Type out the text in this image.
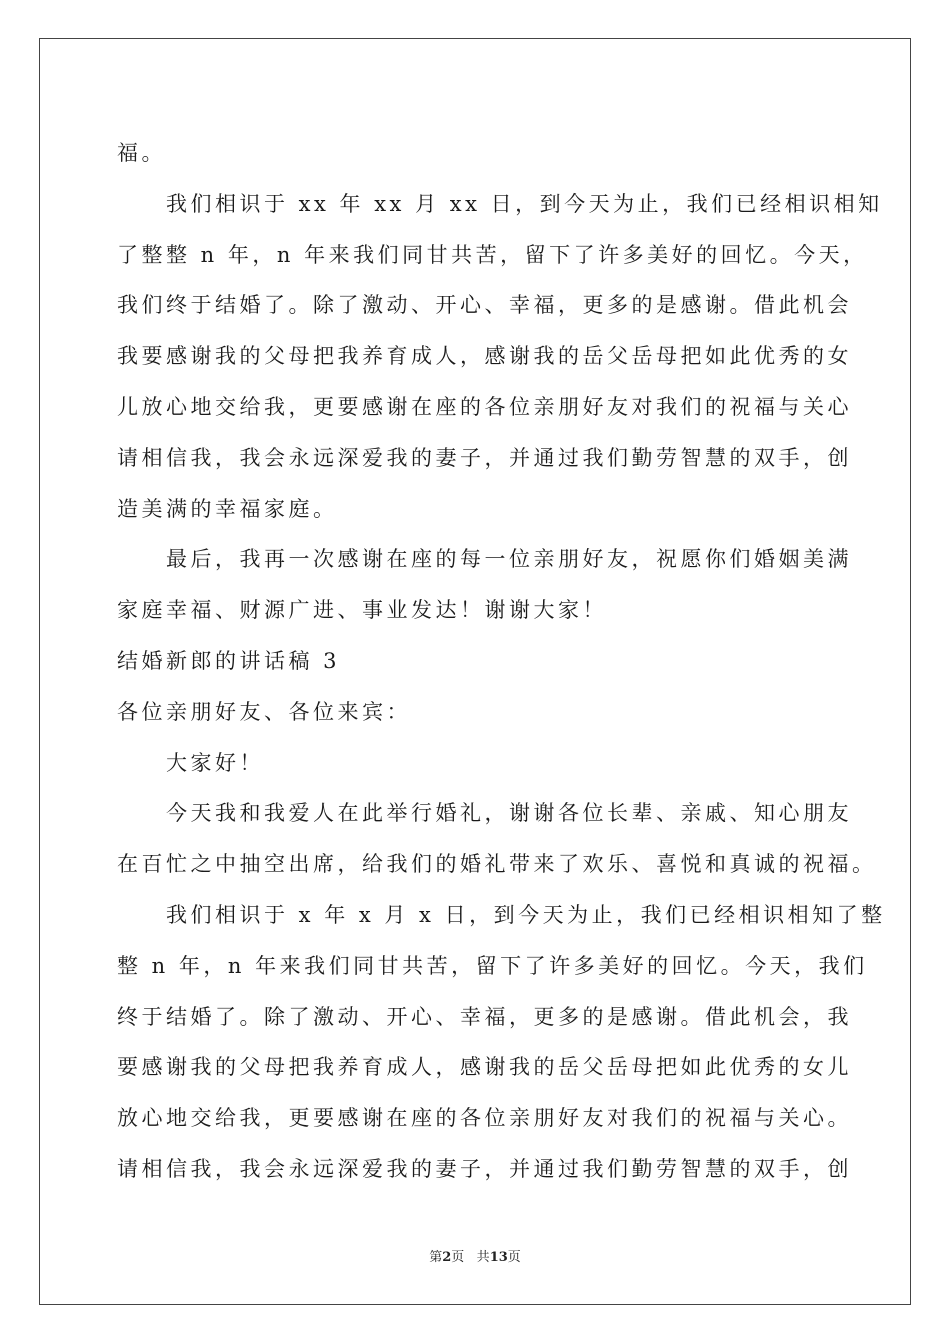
福。
　　我们相识于 xx 年 xx 月 xx 日，到今天为止，我们已经相识相知
了整整 n 年，n 年来我们同甘共苦，留下了许多美好的回忆。今天，
我们终于结婚了。除了激动、开心、幸福，更多的是感谢。借此机会
我要感谢我的父母把我养育成人，感谢我的岳父岳母把如此优秀的女
儿放心地交给我，更要感谢在座的各位亲朋好友对我们的祝福与关心
请相信我，我会永远深爱我的妻子，并通过我们勤劳智慧的双手，创
造美满的幸福家庭。
　　最后，我再一次感谢在座的每一位亲朋好友，祝愿你们婚姻美满
家庭幸福、财源广进、事业发达！谢谢大家！
结婚新郎的讲话稿 3
各位亲朋好友、各位来宾：
　　大家好！
　　今天我和我爱人在此举行婚礼，谢谢各位长辈、亲戚、知心朋友
在百忙之中抽空出席，给我们的婚礼带来了欢乐、喜悦和真诚的祝福。
　　我们相识于 x 年 x 月 x 日，到今天为止，我们已经相识相知了整
整 n 年，n 年来我们同甘共苦，留下了许多美好的回忆。今天，我们
终于结婚了。除了激动、开心、幸福，更多的是感谢。借此机会，我
要感谢我的父母把我养育成人，感谢我的岳父岳母把如此优秀的女儿
放心地交给我，更要感谢在座的各位亲朋好友对我们的祝福与关心。
请相信我，我会永远深爱我的妻子，并通过我们勤劳智慧的双手，创
第2页 共13页
